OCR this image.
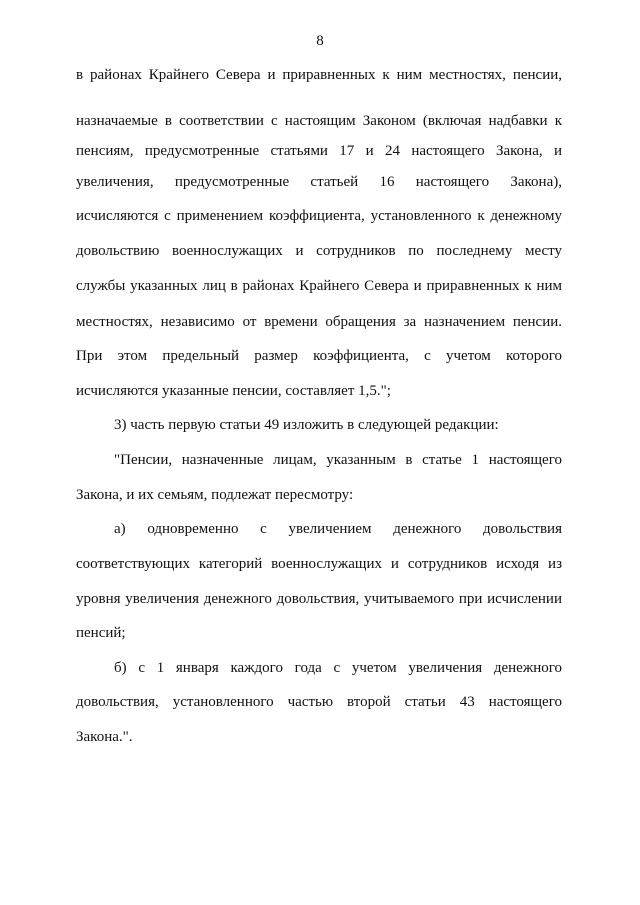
8
в районах Крайнего Севера и приравненных к ним местностях, пенсии,
назначаемые в соответствии с настоящим Законом (включая надбавки к
пенсиям, предусмотренные статьями 17 и 24 настоящего Закона, и
увеличения, предусмотренные статьей 16 настоящего Закона),
исчисляются с применением коэффициента, установленного к денежному
довольствию военнослужащих и сотрудников по последнему месту
службы указанных лиц в районах Крайнего Севера и приравненных к ним
местностях, независимо от времени обращения за назначением пенсии.
При этом предельный размер коэффициента, с учетом которого
исчисляются указанные пенсии, составляет 1,5.";
3) часть первую статьи 49 изложить в следующей редакции:
"Пенсии, назначенные лицам, указанным в статье 1 настоящего
Закона, и их семьям, подлежат пересмотру:
а) одновременно с увеличением денежного довольствия
соответствующих категорий военнослужащих и сотрудников исходя из
уровня увеличения денежного довольствия, учитываемого при исчислении
пенсий;
б) с 1 января каждого года с учетом увеличения денежного
довольствия, установленного частью второй статьи 43 настоящего
Закона.".
